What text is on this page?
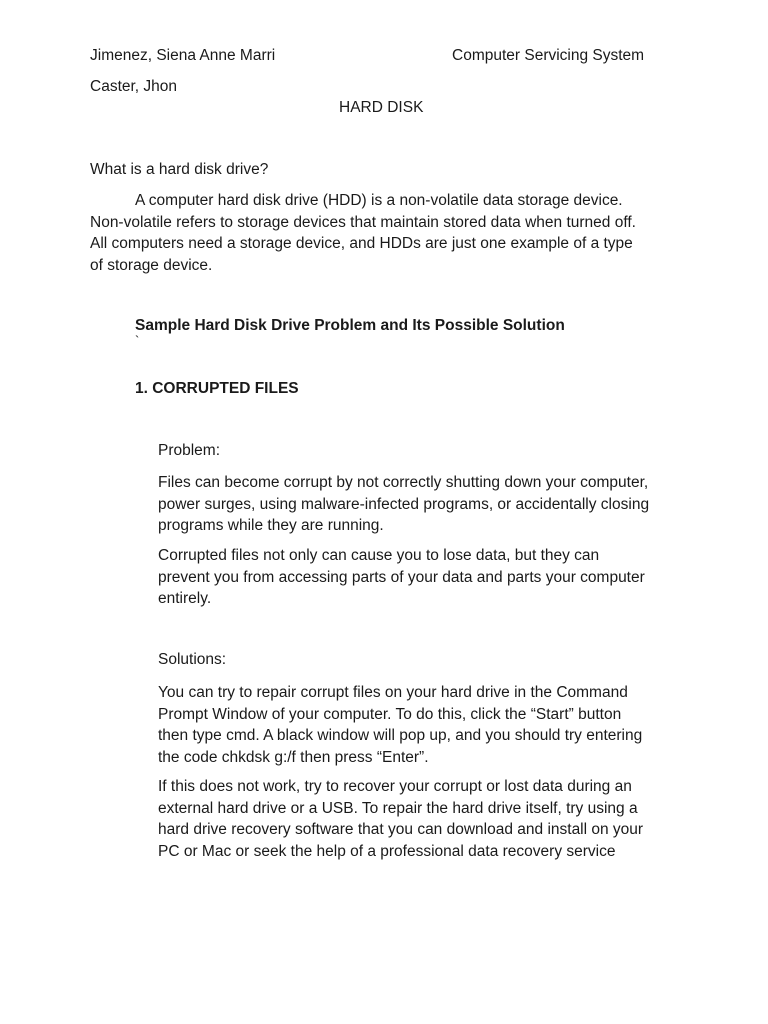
Jimenez, Siena Anne Marri	Computer Servicing System

Caster, Jhon

HARD DISK

What is a hard disk drive?

A computer hard disk drive (HDD) is a non-volatile data storage device.
Non-volatile refers to storage devices that maintain stored data when turned off.
All computers need a storage device, and HDDs are just one example of a type
of storage device.

Sample Hard Disk Drive Problem and Its Possible Solution

`

1. CORRUPTED FILES

Problem:

Files can become corrupt by not correctly shutting down your computer,
power surges, using malware-infected programs, or accidentally closing
programs while they are running.
Corrupted files not only can cause you to lose data, but they can
prevent you from accessing parts of your data and parts your computer
entirely.

Solutions:

You can try to repair corrupt files on your hard drive in the Command
Prompt Window of your computer. To do this, click the “Start” button
then type cmd. A black window will pop up, and you should try entering
the code chkdsk g:/f then press “Enter”.
If this does not work, try to recover your corrupt or lost data during an
external hard drive or a USB. To repair the hard drive itself, try using a
hard drive recovery software that you can download and install on your
PC or Mac or seek the help of a professional data recovery service
